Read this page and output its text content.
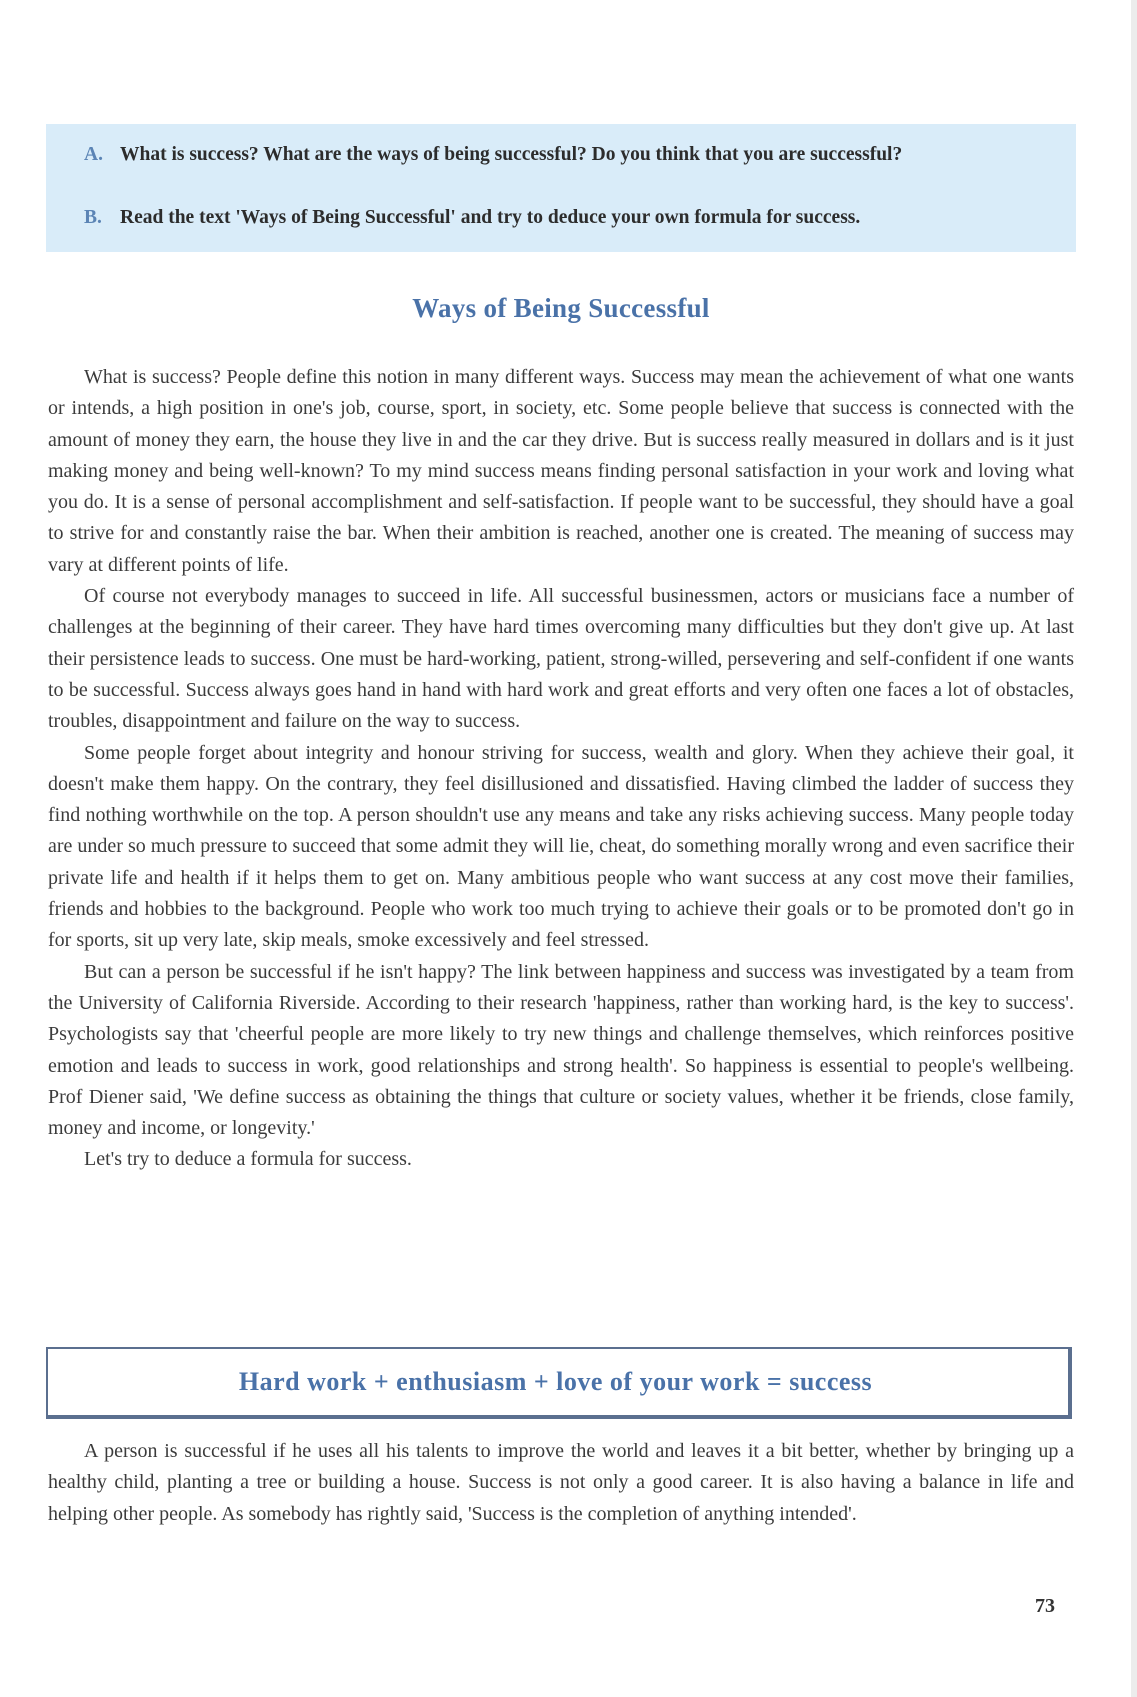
A. What is success? What are the ways of being successful? Do you think that you are successful?
B. Read the text 'Ways of Being Successful' and try to deduce your own formula for success.
Ways of Being Successful

What is success? People define this notion in many different ways. Success may mean the achievement of what one wants or intends, a high position in one's job, course, sport, in society, etc. Some people believe that success is connected with the amount of money they earn, the house they live in and the car they drive. But is success really measured in dollars and is it just making money and being well-known? To my mind success means finding personal satisfaction in your work and loving what you do. It is a sense of personal accomplishment and self-satisfaction. If people want to be successful, they should have a goal to strive for and constantly raise the bar. When their ambition is reached, another one is created. The meaning of success may vary at different points of life.

Of course not everybody manages to succeed in life. All successful businessmen, actors or musicians face a number of challenges at the beginning of their career. They have hard times overcoming many difficulties but they don't give up. At last their persistence leads to success. One must be hard-working, patient, strong-willed, persevering and self-confident if one wants to be successful. Success always goes hand in hand with hard work and great efforts and very often one faces a lot of obstacles, troubles, disappointment and failure on the way to success.

Some people forget about integrity and honour striving for success, wealth and glory. When they achieve their goal, it doesn't make them happy. On the contrary, they feel disillusioned and dissatisfied. Having climbed the ladder of success they find nothing worthwhile on the top. A person shouldn't use any means and take any risks achieving success. Many people today are under so much pressure to succeed that some admit they will lie, cheat, do something morally wrong and even sacrifice their private life and health if it helps them to get on. Many ambitious people who want success at any cost move their families, friends and hobbies to the background. People who work too much trying to achieve their goals or to be promoted don't go in for sports, sit up very late, skip meals, smoke excessively and feel stressed.

But can a person be successful if he isn't happy? The link between happiness and success was investigated by a team from the University of California Riverside. According to their research 'happiness, rather than working hard, is the key to success'. Psychologists say that 'cheerful people are more likely to try new things and challenge themselves, which reinforces positive emotion and leads to success in work, good relationships and strong health'. So happiness is essential to people's wellbeing. Prof Diener said, 'We define success as obtaining the things that culture or society values, whether it be friends, close family, money and income, or longevity.'

Let's try to deduce a formula for success.

Hard work + enthusiasm + love of your work = success

A person is successful if he uses all his talents to improve the world and leaves it a bit better, whether by bringing up a healthy child, planting a tree or building a house. Success is not only a good career. It is also having a balance in life and helping other people. As somebody has rightly said, 'Success is the completion of anything intended'.

73
